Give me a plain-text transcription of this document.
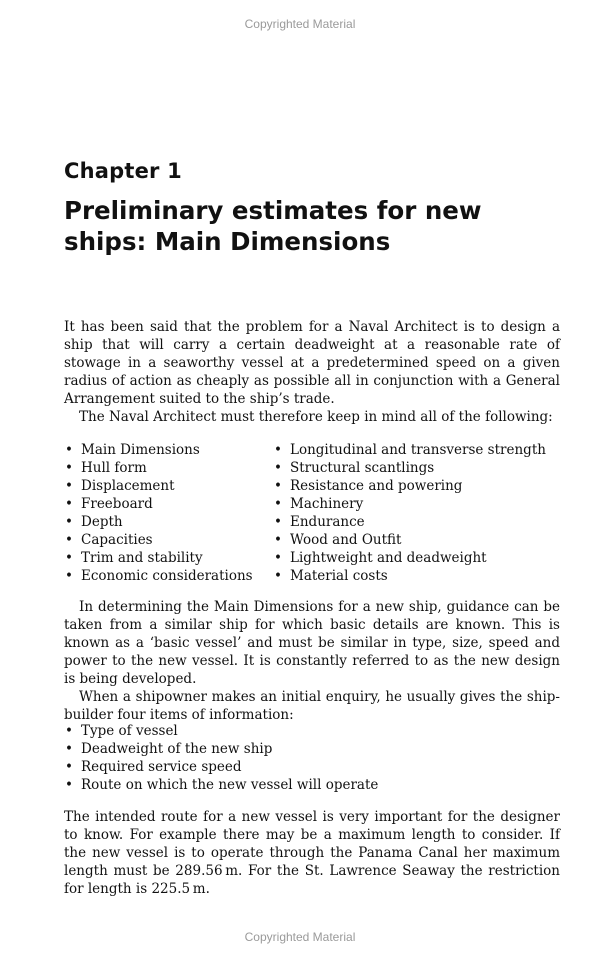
Copyrighted Material
Chapter 1
Preliminary estimates for new ships: Main Dimensions

It has been said that the problem for a Naval Architect is to design a ship that will carry a certain deadweight at a reasonable rate of stowage in a seaworthy vessel at a predetermined speed on a given radius of action as cheaply as possible all in conjunction with a General Arrangement suited to the ship’s trade.

The Naval Architect must therefore keep in mind all of the following:

• Main Dimensions
• Hull form
• Displacement
• Freeboard
• Depth
• Capacities
• Trim and stability
• Economic considerations
• Longitudinal and transverse strength
• Structural scantlings
• Resistance and powering
• Machinery
• Endurance
• Wood and Outfit
• Lightweight and deadweight
• Material costs

In determining the Main Dimensions for a new ship, guidance can be taken from a similar ship for which basic details are known. This is known as a ‘basic vessel’ and must be similar in type, size, speed and power to the new vessel. It is constantly referred to as the new design is being developed.

When a shipowner makes an initial enquiry, he usually gives the ship-builder four items of information:

• Type of vessel
• Deadweight of the new ship
• Required service speed
• Route on which the new vessel will operate

The intended route for a new vessel is very important for the designer to know. For example there may be a maximum length to consider. If the new vessel is to operate through the Panama Canal her maximum length must be 289.56 m. For the St. Lawrence Seaway the restriction for length is 225.5 m.

Copyrighted Material
